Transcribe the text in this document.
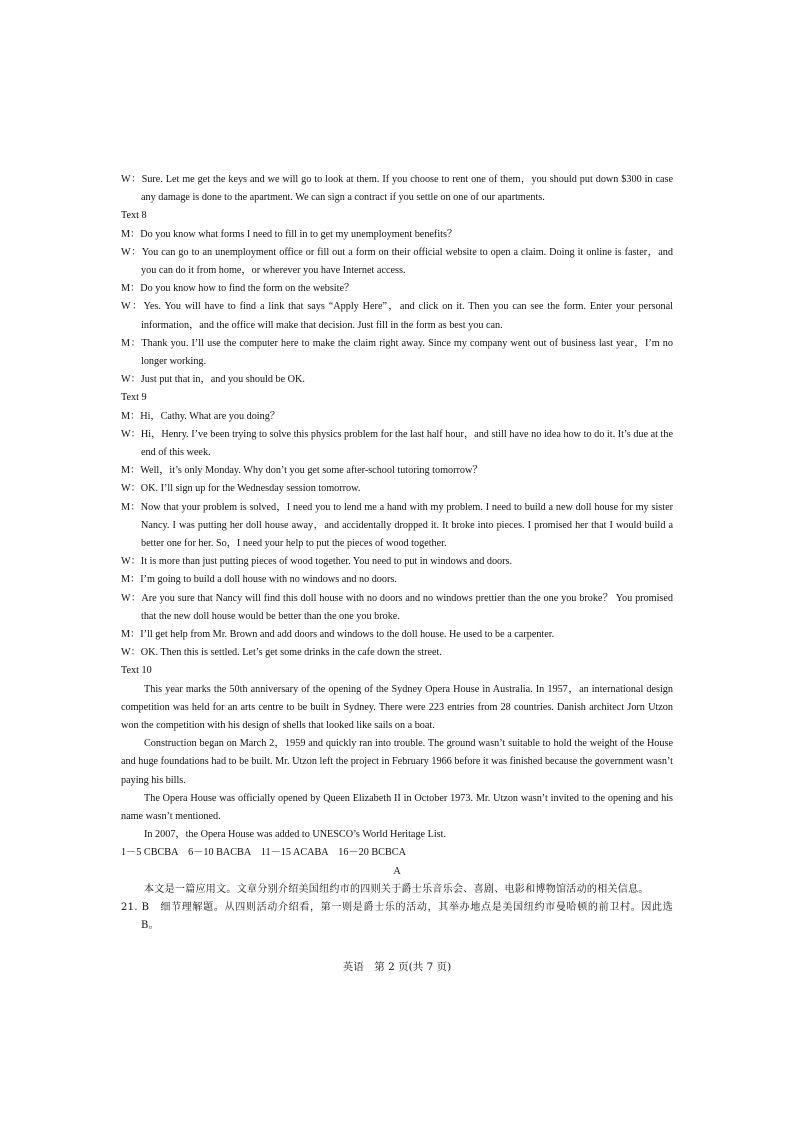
W：Sure. Let me get the keys and we will go to look at them. If you choose to rent one of them，you should put down $300 in case any damage is done to the apartment. We can sign a contract if you settle on one of our apartments.

Text 8

M：Do you know what forms I need to fill in to get my unemployment benefits？

W：You can go to an unemployment office or fill out a form on their official website to open a claim. Doing it online is faster，and you can do it from home，or wherever you have Internet access.

M：Do you know how to find the form on the website？

W：Yes. You will have to find a link that says “Apply Here”，and click on it. Then you can see the form. Enter your personal information，and the office will make that decision. Just fill in the form as best you can.

M：Thank you. I’ll use the computer here to make the claim right away. Since my company went out of business last year，I’m no longer working.

W：Just put that in，and you should be OK.

Text 9

M：Hi，Cathy. What are you doing？

W：Hi，Henry. I’ve been trying to solve this physics problem for the last half hour，and still have no idea how to do it. It’s due at the end of this week.

M：Well，it’s only Monday. Why don’t you get some after-school tutoring tomorrow？

W：OK. I’ll sign up for the Wednesday session tomorrow.

M：Now that your problem is solved，I need you to lend me a hand with my problem. I need to build a new doll house for my sister Nancy. I was putting her doll house away，and accidentally dropped it. It broke into pieces. I promised her that I would build a better one for her. So，I need your help to put the pieces of wood together.

W：It is more than just putting pieces of wood together. You need to put in windows and doors.

M：I’m going to build a doll house with no windows and no doors.

W：Are you sure that Nancy will find this doll house with no doors and no windows prettier than the one you broke？ You promised that the new doll house would be better than the one you broke.

M：I’ll get help from Mr. Brown and add doors and windows to the doll house. He used to be a carpenter.

W：OK. Then this is settled. Let’s get some drinks in the cafe down the street.

Text 10

This year marks the 50th anniversary of the opening of the Sydney Opera House in Australia. In 1957，an international design competition was held for an arts centre to be built in Sydney. There were 223 entries from 28 countries. Danish architect Jorn Utzon won the competition with his design of shells that looked like sails on a boat.

Construction began on March 2，1959 and quickly ran into trouble. The ground wasn’t suitable to hold the weight of the House and huge foundations had to be built. Mr. Utzon left the project in February 1966 before it was finished because the government wasn’t paying his bills.

The Opera House was officially opened by Queen Elizabeth II in October 1973. Mr. Utzon wasn’t invited to the opening and his name wasn’t mentioned.

In 2007，the Opera House was added to UNESCO’s World Heritage List.

1－5 CBCBA　6－10 BACBA　11－15 ACABA　16－20 BCBCA
A

本文是一篇应用文。文章分别介绍美国纽约市的四则关于爵士乐音乐会、喜剧、电影和博物馆活动的相关信息。

21. B　细节理解题。从四则活动介绍看，第一则是爵士乐的活动，其举办地点是美国纽约市曼哈顿的前卫村。因此选 B。

英语　第 2 页(共 7 页)
